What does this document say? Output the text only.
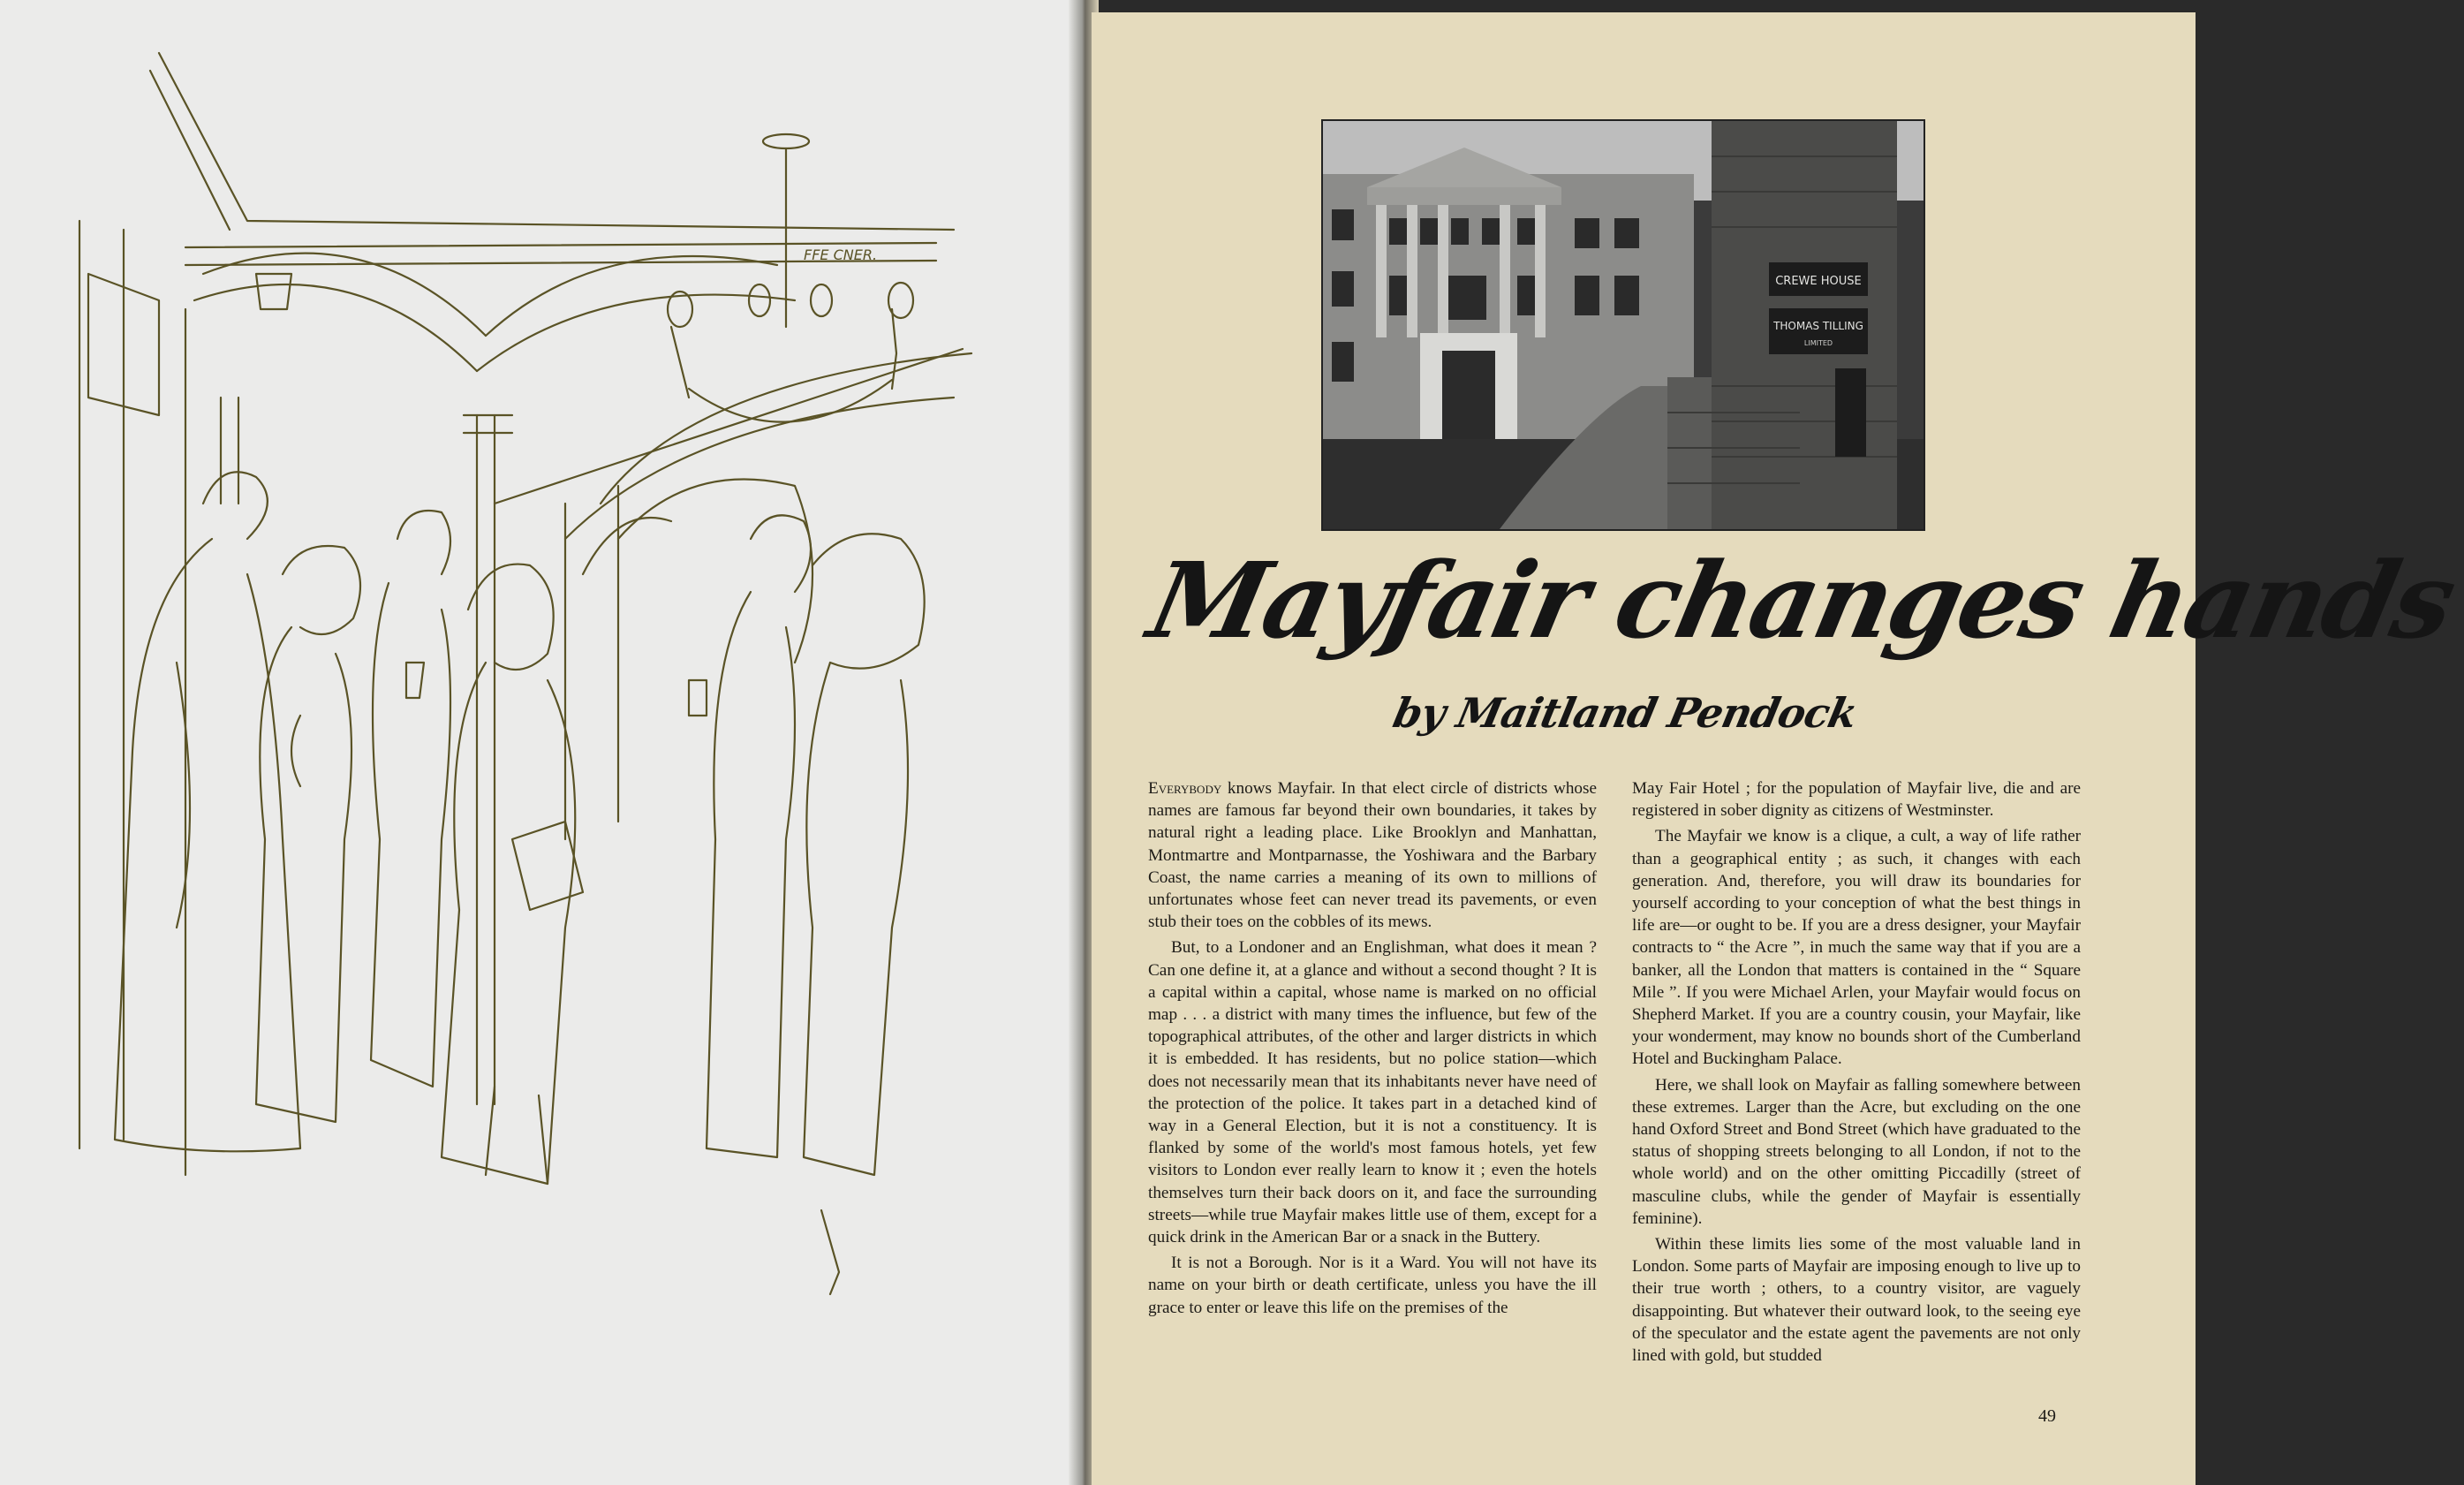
FFE CNER.
CREWE HOUSE
THOMAS TILLING
LIMITED
Mayfair changes hands
by Maitland Pendock

Everybody knows Mayfair. In that elect circle of districts whose names are famous far beyond their own boundaries, it takes by natural right a leading place. Like Brooklyn and Manhattan, Montmartre and Montparnasse, the Yoshiwara and the Barbary Coast, the name carries a meaning of its own to millions of unfortunates whose feet can never tread its pavements, or even stub their toes on the cobbles of its mews.

But, to a Londoner and an Englishman, what does it mean ? Can one define it, at a glance and without a second thought ? It is a capital within a capital, whose name is marked on no official map . . . a district with many times the influence, but few of the topographical attributes, of the other and larger districts in which it is embedded. It has residents, but no police station—which does not necessarily mean that its inhabitants never have need of the protection of the police. It takes part in a detached kind of way in a General Election, but it is not a constituency. It is flanked by some of the world's most famous hotels, yet few visitors to London ever really learn to know it ; even the hotels themselves turn their back doors on it, and face the surrounding streets—while true Mayfair makes little use of them, except for a quick drink in the American Bar or a snack in the Buttery.

It is not a Borough. Nor is it a Ward. You will not have its name on your birth or death certificate, unless you have the ill grace to enter or leave this life on the premises of the

May Fair Hotel ; for the population of Mayfair live, die and are registered in sober dignity as citizens of Westminster.

The Mayfair we know is a clique, a cult, a way of life rather than a geographical entity ; as such, it changes with each generation. And, therefore, you will draw its boundaries for yourself according to your conception of what the best things in life are—or ought to be. If you are a dress designer, your Mayfair contracts to “ the Acre ”, in much the same way that if you are a banker, all the London that matters is contained in the “ Square Mile ”. If you were Michael Arlen, your Mayfair would focus on Shepherd Market. If you are a country cousin, your Mayfair, like your wonderment, may know no bounds short of the Cumberland Hotel and Buckingham Palace.

Here, we shall look on Mayfair as falling somewhere between these extremes. Larger than the Acre, but excluding on the one hand Oxford Street and Bond Street (which have graduated to the status of shopping streets belonging to all London, if not to the whole world) and on the other omitting Piccadilly (street of masculine clubs, while the gender of Mayfair is essentially feminine).

Within these limits lies some of the most valuable land in London. Some parts of Mayfair are imposing enough to live up to their true worth ; others, to a country visitor, are vaguely disappointing. But whatever their outward look, to the seeing eye of the speculator and the estate agent the pavements are not only lined with gold, but studded

49
